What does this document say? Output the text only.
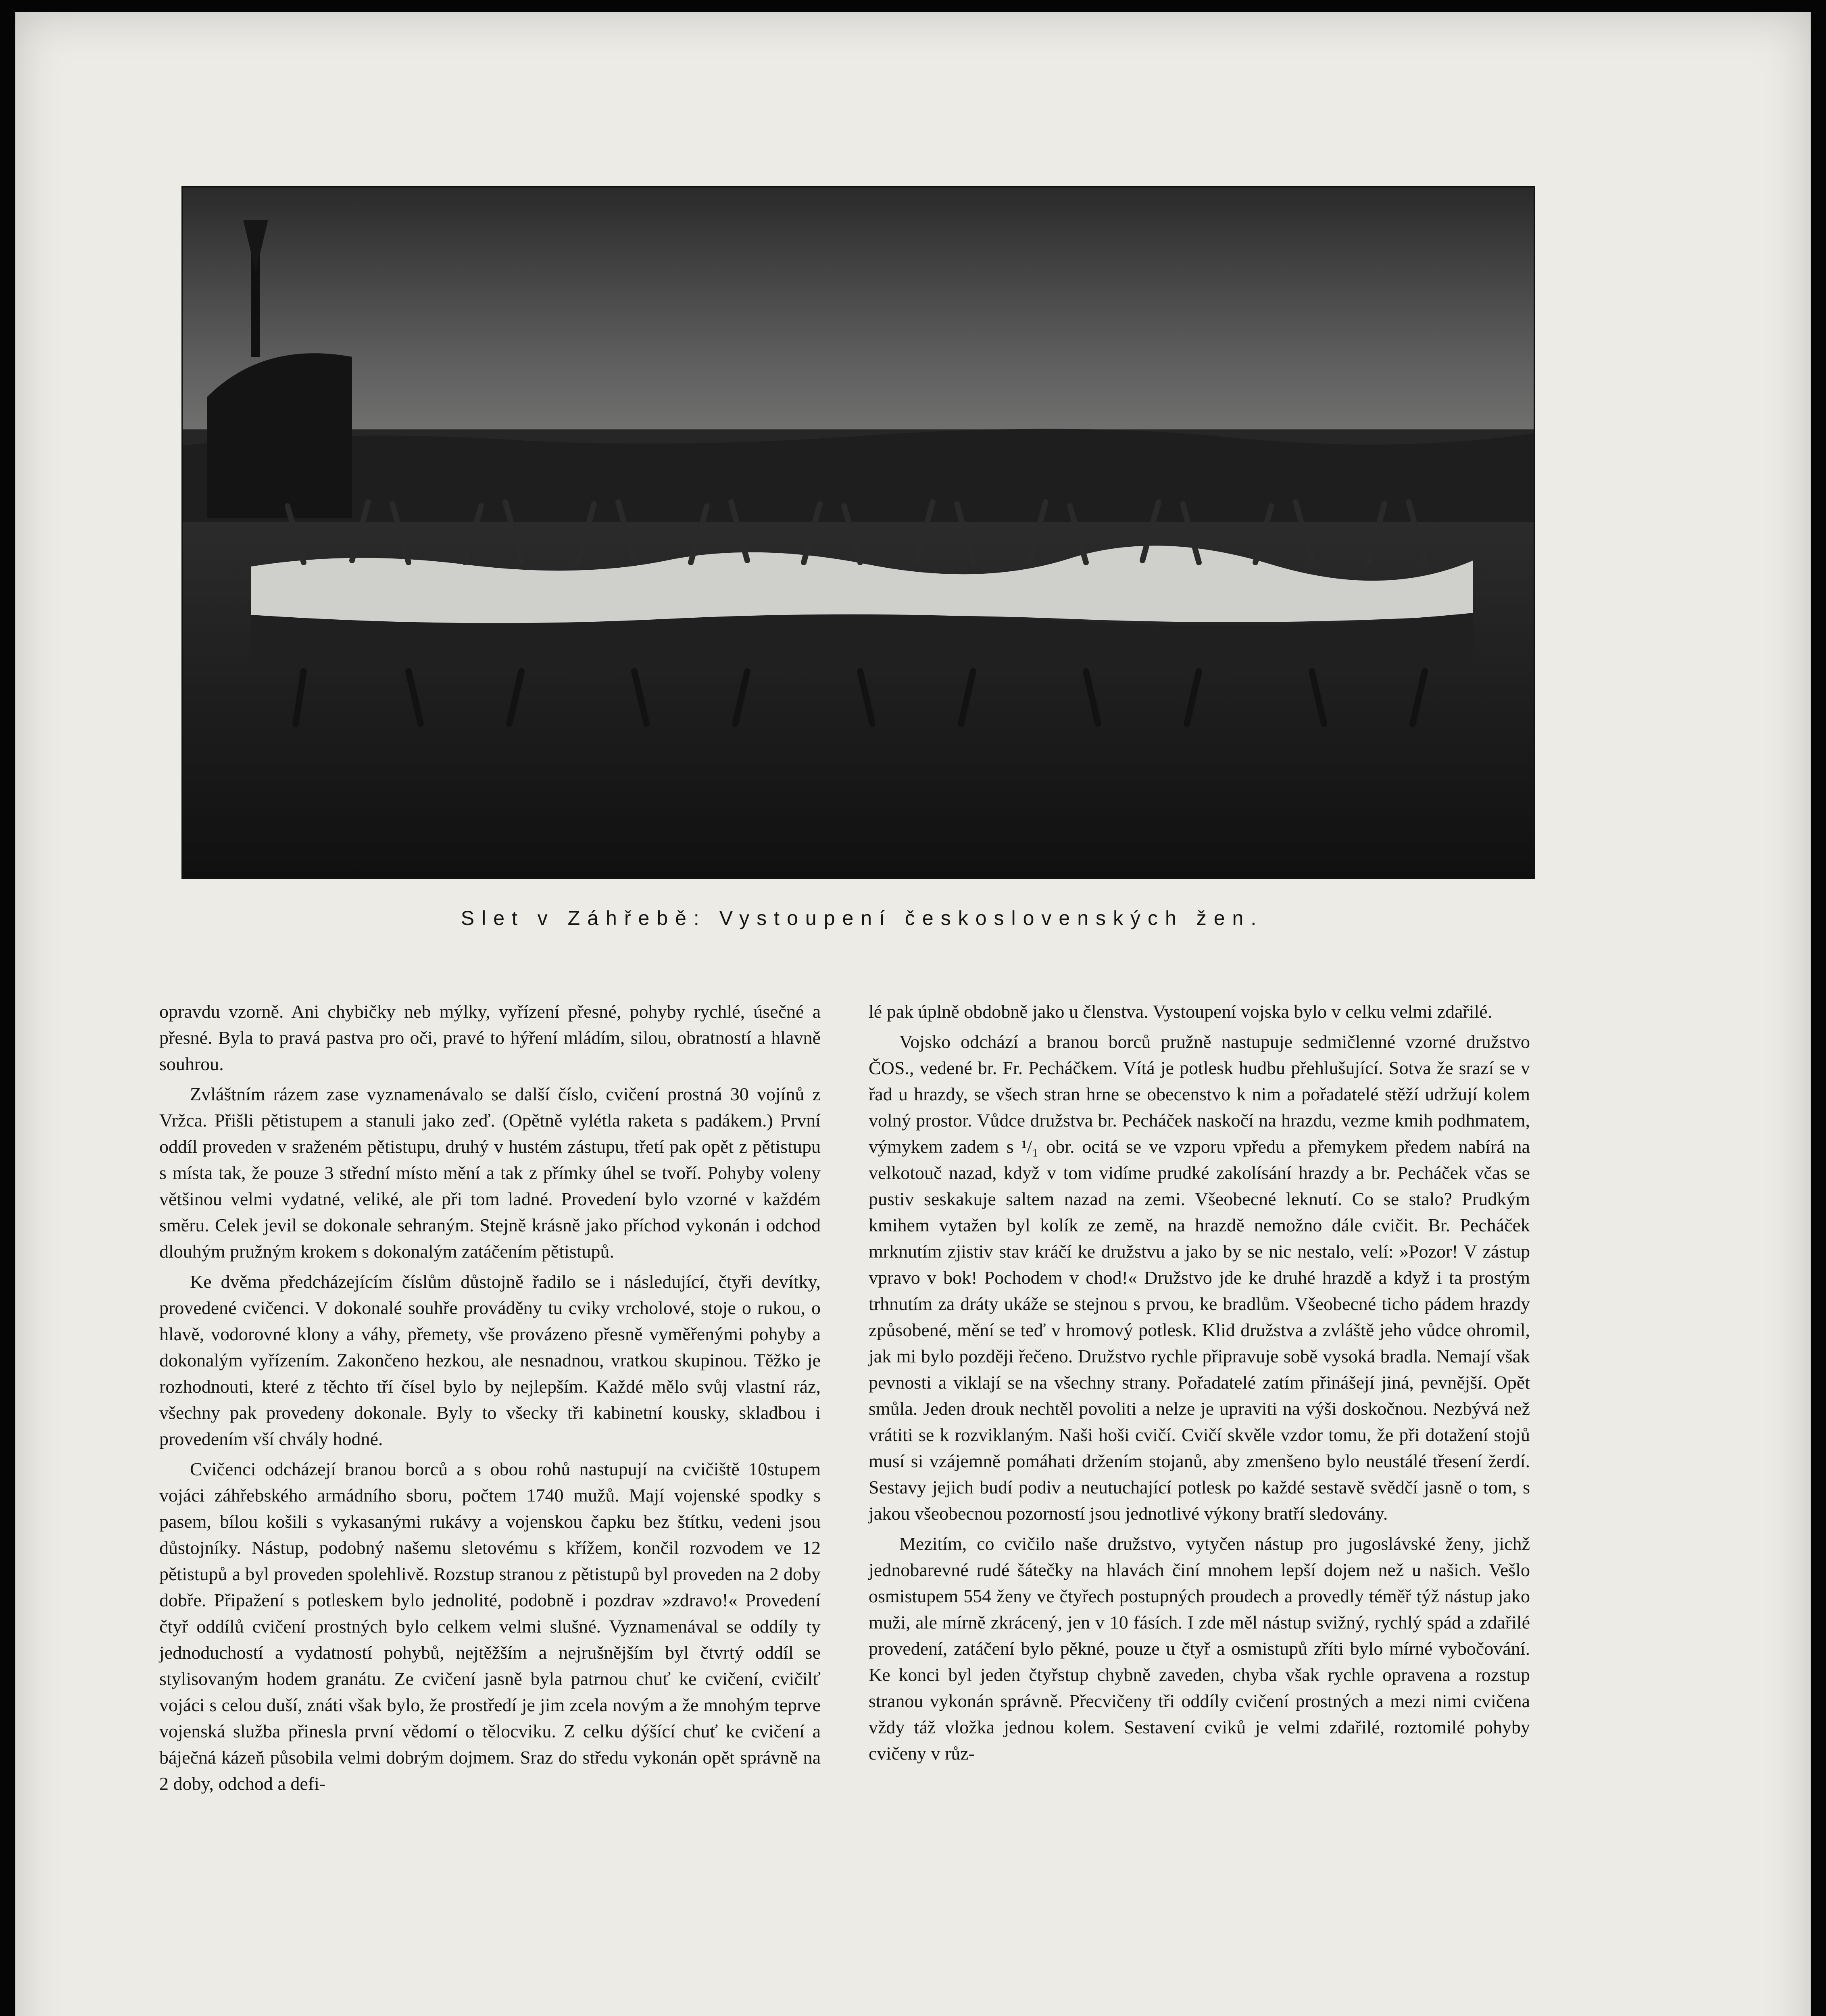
Slet v Záhřebě: Vystoupení československých žen.

opravdu vzorně. Ani chybičky neb mýlky, vyřízení přesné, pohyby rychlé, úsečné a přesné. Byla to pravá pastva pro oči, pravé to hýření mládím, silou, obratností a hlavně souhrou.

Zvláštním rázem zase vyznamenávalo se další číslo, cvičení prostná 30 vojínů z Vržca. Přišli pětistupem a stanuli jako zeď. (Opětně vylétla raketa s padákem.) První oddíl proveden v sraženém pětistupu, druhý v hustém zástupu, třetí pak opět z pětistupu s místa tak, že pouze 3 střední místo mění a tak z přímky úhel se tvoří. Pohyby voleny většinou velmi vydatné, veliké, ale při tom ladné. Provedení bylo vzorné v každém směru. Celek jevil se dokonale sehraným. Stejně krásně jako příchod vykonán i odchod dlouhým pružným krokem s dokonalým zatáčením pětistupů.

Ke dvěma předcházejícím číslům důstojně řadilo se i následující, čtyři devítky, provedené cvičenci. V dokonalé souhře prováděny tu cviky vrcholové, stoje o rukou, o hlavě, vodorovné klony a váhy, přemety, vše provázeno přesně vyměřenými pohyby a dokonalým vyřízením. Zakončeno hezkou, ale nesnadnou, vratkou skupinou. Těžko je rozhodnouti, které z těchto tří čísel bylo by nejlepším. Každé mělo svůj vlastní ráz, všechny pak provedeny dokonale. Byly to všecky tři kabinetní kousky, skladbou i provedením vší chvály hodné.

Cvičenci odcházejí branou borců a s obou rohů nastupují na cvičiště 10stupem vojáci záhřebského armádního sboru, počtem 1740 mužů. Mají vojenské spodky s pasem, bílou košili s vykasanými rukávy a vojenskou čapku bez štítku, vedeni jsou důstojníky. Nástup, podobný našemu sletovému s křížem, končil rozvodem ve 12 pětistupů a byl proveden spolehlivě. Rozstup stranou z pětistupů byl proveden na 2 doby dobře. Připažení s potleskem bylo jednolité, podobně i pozdrav »zdravo!« Provedení čtyř oddílů cvičení prostných bylo celkem velmi slušné. Vyznamenával se oddíly ty jednoduchostí a vydatností pohybů, nejtěžším a nejrušnějším byl čtvrtý oddíl se stylisovaným hodem granátu. Ze cvičení jasně byla patrnou chuť ke cvičení, cvičilť vojáci s celou duší, znáti však bylo, že prostředí je jim zcela novým a že mnohým teprve vojenská služba přinesla první vědomí o tělocviku. Z celku dýšící chuť ke cvičení a báječná kázeň působila velmi dobrým dojmem. Sraz do středu vykonán opět správně na 2 doby, odchod a defi-

lé pak úplně obdobně jako u členstva. Vystoupení vojska bylo v celku velmi zdařilé.

Vojsko odchází a branou borců pružně nastupuje sedmičlenné vzorné družstvo ČOS., vedené br. Fr. Pecháčkem. Vítá je potlesk hudbu přehlušující. Sotva že srazí se v řad u hrazdy, se všech stran hrne se obecenstvo k nim a pořadatelé stěží udržují kolem volný prostor. Vůdce družstva br. Pecháček naskočí na hrazdu, vezme kmih podhmatem, výmykem zadem s ¹/₁ obr. ocitá se ve vzporu vpředu a přemykem předem nabírá na velkotouč nazad, když v tom vidíme prudké zakolísání hrazdy a br. Pecháček včas se pustiv seskakuje saltem nazad na zemi. Všeobecné leknutí. Co se stalo? Prudkým kmihem vytažen byl kolík ze země, na hrazdě nemožno dále cvičit. Br. Pecháček mrknutím zjistiv stav kráčí ke družstvu a jako by se nic nestalo, velí: »Pozor! V zástup vpravo v bok! Pochodem v chod!« Družstvo jde ke druhé hrazdě a když i ta prostým trhnutím za dráty ukáže se stejnou s prvou, ke bradlům. Všeobecné ticho pádem hrazdy způsobené, mění se teď v hromový potlesk. Klid družstva a zvláště jeho vůdce ohromil, jak mi bylo později řečeno. Družstvo rychle připravuje sobě vysoká bradla. Nemají však pevnosti a viklají se na všechny strany. Pořadatelé zatím přinášejí jiná, pevnější. Opět smůla. Jeden drouk nechtěl povoliti a nelze je upraviti na výši doskočnou. Nezbývá než vrátiti se k rozviklaným. Naši hoši cvičí. Cvičí skvěle vzdor tomu, že při dotažení stojů musí si vzájemně pomáhati držením stojanů, aby zmenšeno bylo neustálé třesení žerdí. Sestavy jejich budí podiv a neutuchající potlesk po každé sestavě svědčí jasně o tom, s jakou všeobecnou pozorností jsou jednotlivé výkony bratří sledovány.

Mezitím, co cvičilo naše družstvo, vytyčen nástup pro jugoslávské ženy, jichž jednobarevné rudé šátečky na hlavách činí mnohem lepší dojem než u našich. Vešlo osmistupem 554 ženy ve čtyřech postupných proudech a provedly téměř týž nástup jako muži, ale mírně zkrácený, jen v 10 fásích. I zde měl nástup svižný, rychlý spád a zdařilé provedení, zatáčení bylo pěkné, pouze u čtyř a osmistupů zříti bylo mírné vybočování. Ke konci byl jeden čtyřstup chybně zaveden, chyba však rychle opravena a rozstup stranou vykonán správně. Přecvičeny tři oddíly cvičení prostných a mezi nimi cvičena vždy táž vložka jednou kolem. Sestavení cviků je velmi zdařilé, roztomilé pohyby cvičeny v růz-
